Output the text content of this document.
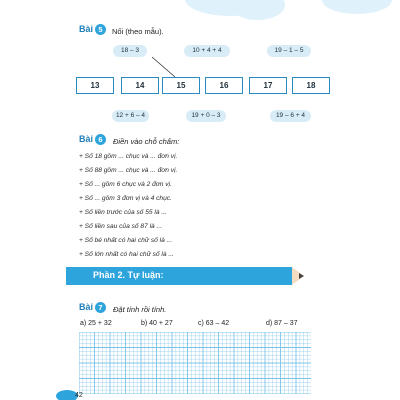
Bài 5	Nối (theo mẫu).
18 – 3	10 + 4 + 4	19 – 1 – 5
13	14	15	16	17	18
12 + 6 – 4	19 + 0 – 3	19 – 6 + 4
Bài 6	Điền vào chỗ chấm:
+ Số 18 gồm ... chục và ... đơn vị.
+ Số 88 gồm ... chục và ... đơn vị.
+ Số ... gồm 6 chục và 2 đơn vị.
+ Số ... gồm 3 đơn vị và 4 chục.
+ Số liền trước của số 55 là ...
+ Số liền sau của số 87 là ...
+ Số bé nhất có hai chữ số là ...
+ Số lớn nhất có hai chữ số là ...
Phần 2. Tự luận:
Bài 7	Đặt tính rồi tính.
a) 25 + 32	b) 40 + 27	c) 63 – 42	d) 87 – 37
42
